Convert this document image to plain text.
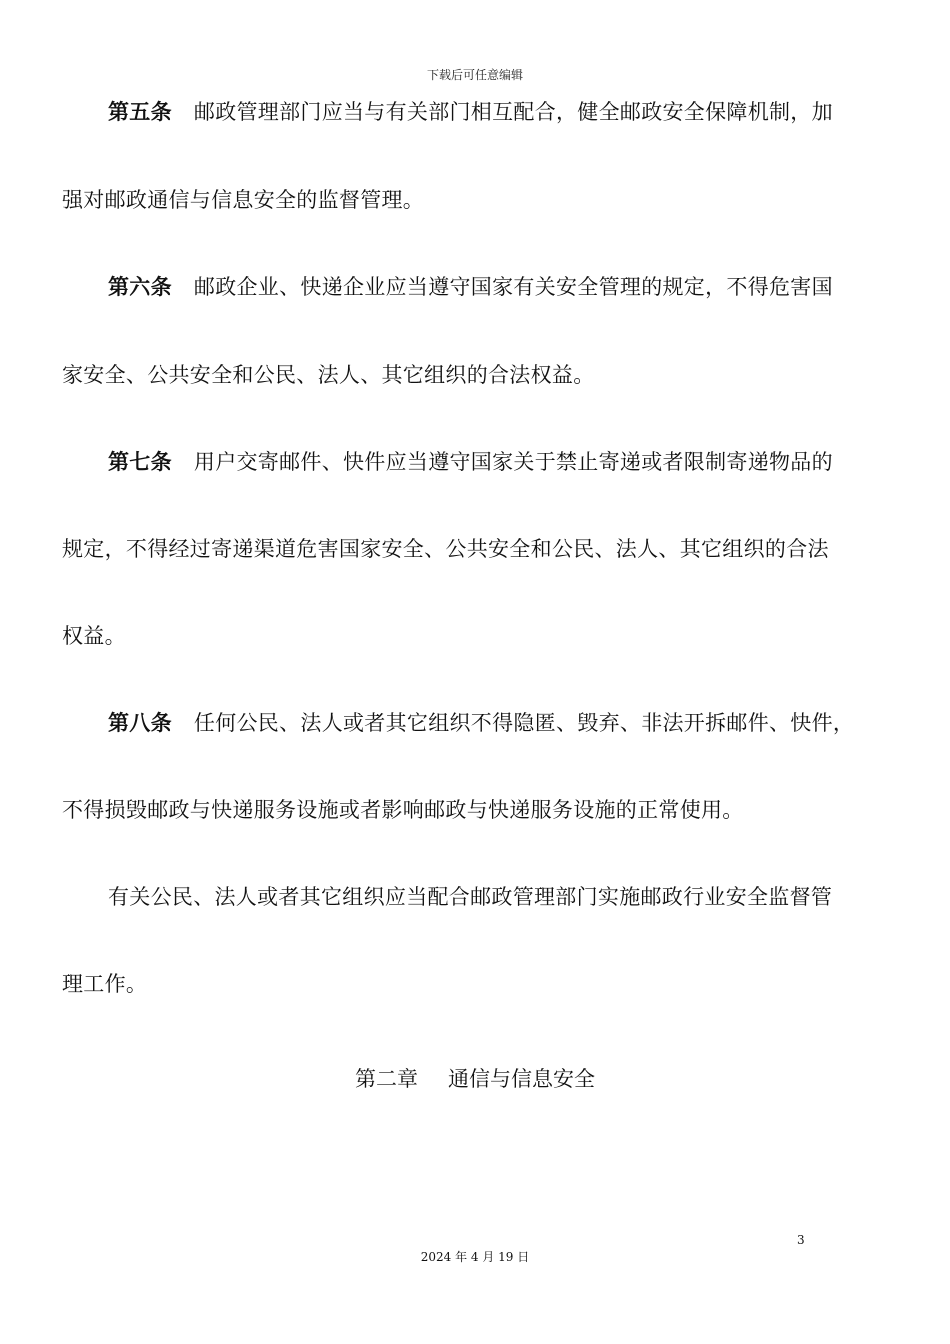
下载后可任意编辑
第五条 邮政管理部门应当与有关部门相互配合，健全邮政安全保障机制，加
强对邮政通信与信息安全的监督管理。
第六条 邮政企业、快递企业应当遵守国家有关安全管理的规定，不得危害国
家安全、公共安全和公民、法人、其它组织的合法权益。
第七条 用户交寄邮件、快件应当遵守国家关于禁止寄递或者限制寄递物品的
规定，不得经过寄递渠道危害国家安全、公共安全和公民、法人、其它组织的合法
权益。
第八条 任何公民、法人或者其它组织不得隐匿、毁弃、非法开拆邮件、快件，
不得损毁邮政与快递服务设施或者影响邮政与快递服务设施的正常使用。
有关公民、法人或者其它组织应当配合邮政管理部门实施邮政行业安全监督管
理工作。
第二章 通信与信息安全
3
2024 年 4 月 19 日
